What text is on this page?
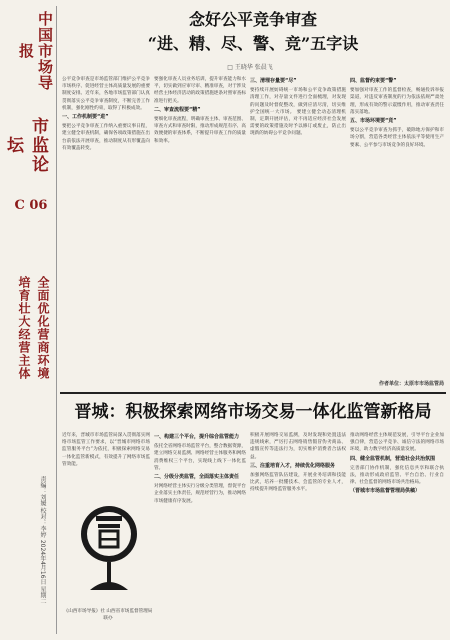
中国市场导报
市监论坛
C 06
全面优化营商环境 培育壮大经营主体
责编：刘媛 校对：李婷 2024年4月16日 星期二
念好公平竞争审查
“进、精、尽、警、竞”五字诀
□ 王晓华 张晨飞
公平竞争审查是市场监管部门维护公平竞争市场秩序、促进经营主体高质量发展的重要制度安排。近年来，各地市场监管部门认真贯彻落实公平竞争审查制度，不断完善工作机制，强化刚性约束，取得了积极成效。
一、工作机制要“进”
要把公平竞争审查工作纳入重要议事日程，建立健全审查机制，确保各项政策措施在出台前依法开展审查，推动制度从有形覆盖向有效覆盖转变。
要强化审查人员业务培训，提升审查能力和水平，切实做到应审尽审、精准审查，对于涉及经营主体经济活动的政策措施逐条对照审查标准进行把关。
二、审查流程要“精”
要细化审查流程，明确审查主体、审查范围、审查方式和审查时限，推动形成规范有序、高效便捷的审查体系，不断提升审查工作的质量和效率。
三、清理存量要“尽”
要持续开展妨碍统一市场和公平竞争政策措施清理工作，对存量文件进行全面梳理，对发现的问题及时督促整改，做到应清尽清，切实维护全国统一大市场。 要建立健全动态清理机制，定期开展评估，对不再适应经济社会发展需要的政策措施及时予以修订或废止，防止出现新的妨碍公平竞争问题。
四、监督约束要“警”
要加强对审查工作的监督检查，畅通投诉举报渠道，对违反审查制度的行为依法依规严肃处理，形成有效的警示震慑作用，推动审查责任落实落地。
五、市场环境要“竞”
要以公平竞争审查为抓手，破除地方保护和市场分割，营造各类经营主体依法平等使用生产要素、公平参与市场竞争的良好环境。
作者单位：太原市市场监管局
晋城：积极探索网络市场交易一体化监管新格局
近年来，晋城市市场监管局深入贯彻落实网络市场监管工作要求，以“晋城市网络市场监管服务平台”为依托，积极探索网络交易一体化监管新模式，有效提升了网络市场监管效能。
《山西市场导报》社 山西省市场监督管理局 联办
一、构建三个平台，提升综合监管能力
依托全省网络市场监管平台，整合数据资源，建立网络交易监测、网络经营主体服务和网络消费维权三个平台，实现线上线下一体化监管。
二、分级分类监管，全面落实主体责任
对网络经营主体实行分级分类管理，督促平台企业落实主体责任，规范经营行为，推动网络市场健康有序发展。
积极开展网络交易监测，及时发现和处置违法违规线索，严厉打击网络销售假冒伪劣商品、虚假宣传等违法行为，切实维护消费者合法权益。
三、注重培育入才，持续优化网络服务
加强网络监管队伍建设，开展业务培训和技能比武，培养一批懂技术、会监管的专业人才，持续提升网络监管服务水平。
推动网络经营主体规范发展，引导平台企业加强自律，营造公平竞争、诚信守法的网络市场环境，助力数字经济高质量发展。
四、健全监管机制，营造社会共治氛围
完善部门协作机制，强化信息共享和联合执法，推动形成政府监管、平台自治、行业自律、社会监督的网络市场共治格局。
（晋城市市场监督管理局供稿）
